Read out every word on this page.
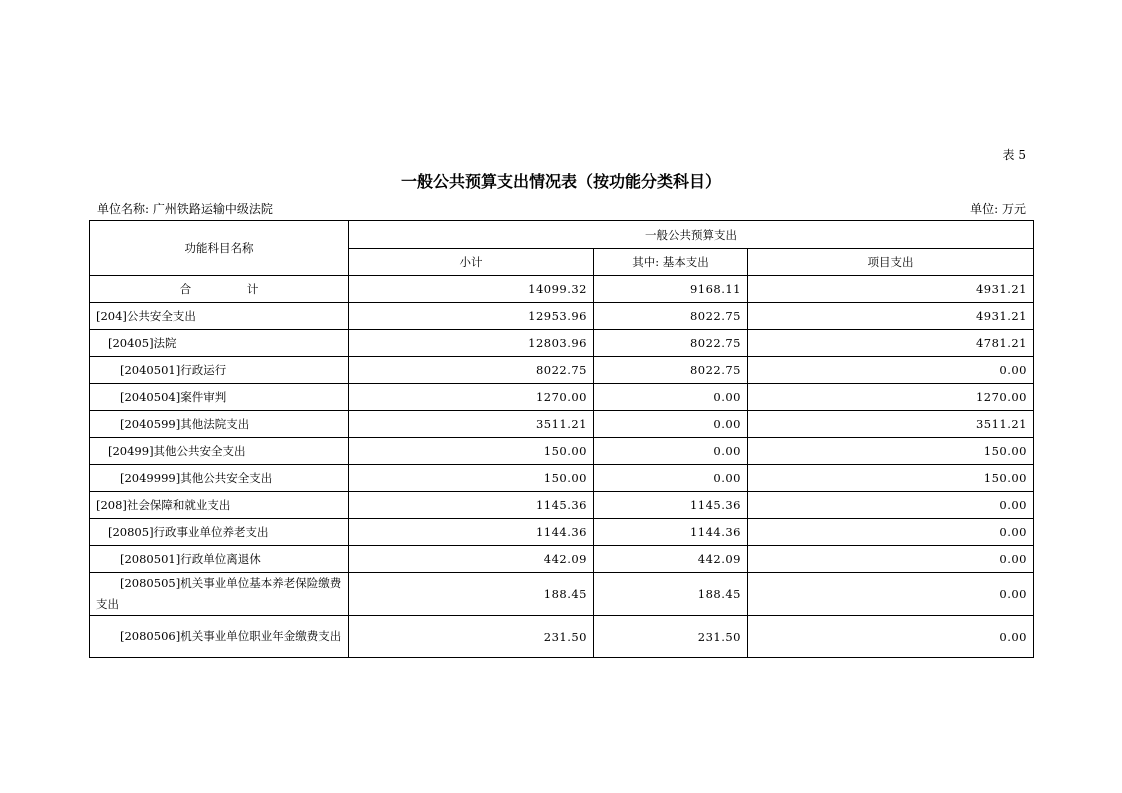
表 5
一般公共预算支出情况表（按功能分类科目）
单位名称: 广州铁路运输中级法院	单位: 万元
功能科目名称	一般公共预算支出		
	小计	其中: 基本支出	项目支出
合 计	14099.32	9168.11	4931.21
[204]公共安全支出	12953.96	8022.75	4931.21
[20405]法院	12803.96	8022.75	4781.21
[2040501]行政运行	8022.75	8022.75	0.00
[2040504]案件审判	1270.00	0.00	1270.00
[2040599]其他法院支出	3511.21	0.00	3511.21
[20499]其他公共安全支出	150.00	0.00	150.00
[2049999]其他公共安全支出	150.00	0.00	150.00
[208]社会保障和就业支出	1145.36	1145.36	0.00
[20805]行政事业单位养老支出	1144.36	1144.36	0.00
[2080501]行政单位离退休	442.09	442.09	0.00
[2080505]机关事业单位基本养老保险缴费支出	188.45	188.45	0.00
[2080506]机关事业单位职业年金缴费支出	231.50	231.50	0.00
